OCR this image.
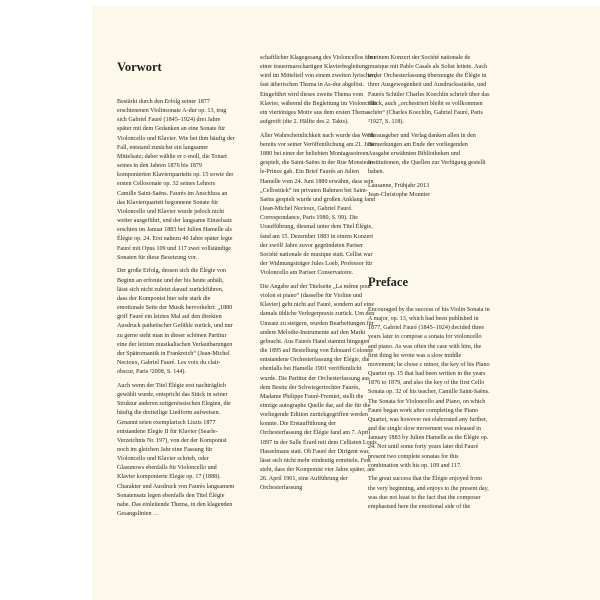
Vorwort

Bestärkt durch den Erfolg seiner 1877 erschienenen Violinsonate A-dur op. 13, trug sich Gabriel Fauré (1845–1924) drei Jahre später mit dem Gedanken an eine Sonate für Violoncello und Klavier. Wie bei ihm häufig der Fall, entstand zunächst ein langsamer Mittelsatz; dabei wählte er c-moll, die Tonart seines in den Jahren 1876 bis 1879 komponierten Klavierquartetts op. 15 sowie der ersten Cellosonate op. 32 seines Lehrers Camille Saint-Saëns. Faurés im Anschluss an das Klavierquartett begonnene Sonate für Violoncello und Klavier wurde jedoch nicht weiter ausgeführt, und der langsame Einzelsatz erschien im Januar 1883 bei Julien Hamelle als Élégie op. 24. Erst nahezu 40 Jahre später legte Fauré mit Opus 109 und 117 zwei vollständige Sonaten für diese Besetzung vor.

Der große Erfolg, dessen sich die Élégie von Beginn an erfreute und der bis heute anhält, lässt sich nicht zuletzt darauf zurückführen, dass der Komponist hier sehr stark die emotionale Seite der Musik hervorkehrt: „1880 griff Fauré ein letztes Mal auf den direkten Ausdruck pathetischer Gefühle zurück, und nur zu gerne sieht man in dieser schönen Partitur eine der letzten musikalischen Verlautbarungen der Spätromantik in Frankreich“ (Jean-Michel Nectoux, Gabriel Fauré. Les voix du clair-obscur, Paris ²2008, S. 144).

Auch wenn der Titel Élégie erst nachträglich gewählt wurde, entspricht das Stück in seiner Struktur anderen zeitgenössischen Elegien, die häufig die dreiteilige Liedform aufweisen. Genannt seien exemplarisch Liszts 1877 entstandene Elegie II für Klavier (Searle-Verzeichnis Nr. 197), von der der Komponist noch im gleichen Jahr eine Fassung für Violoncello und Klavier schrieb, oder Glasunows ebenfalls für Violoncello und Klavier komponierte Elegie op. 17 (1888). Charakter und Ausdruck von Faurés langsamem Sonatensatz legen ebenfalls den Titel Élégie nahe. Das einleitende Thema, in den klagenden Gesangslinien …

schaftlicher Klagegesang des Violoncellos über einer trauermarschartigen Klavierbegleitung, wird im Mittelteil von einem zweiten lyrischen, fast ätherischen Thema in As-dur abgelöst. Eingeführt wird dieses zweite Thema vom Klavier, während die Begleitung im Violoncello ein viertöniges Motiv aus dem ersten Thema aufgreift (die 2. Hälfte des 2. Takts).

Aller Wahrscheinlichkeit nach wurde das Werk bereits vor seiner Veröffentlichung am 21. Juni 1880 bei einer der beliebten Montagssoireen gespielt, die Saint-Saëns in der Rue Monsieur-le-Prince gab. Ein Brief Faurés an Julien Hamelle vom 24. Juni 1880 erwähnt, dass sein „Cellostück“ im privaten Rahmen bei Saint-Saëns gespielt wurde und großen Anklang fand (Jean-Michel Nectoux, Gabriel Fauré. Correspondance, Paris 1980, S. 99). Die Uraufführung, diesmal unter dem Titel Élégie, fand am 15. Dezember 1883 in einem Konzert der zwölf Jahre zuvor gegründeten Pariser Société nationale de musique statt. Cellist war der Widmungsträger Jules Loeb, Professor für Violoncello am Pariser Conservatoire.

Die Angabe auf der Titelseite „La même pour violon et piano“ (dasselbe für Violine und Klavier) geht nicht auf Fauré, sondern auf eine damals übliche Verlegerpraxis zurück. Um den Umsatz zu steigern, wurden Bearbeitungen für andere Melodie-Instrumente auf den Markt gebracht. Aus Faurés Hand stammt hingegen die 1895 auf Bestellung von Édouard Colonne entstandene Orchesterfassung der Élégie, die ebenfalls bei Hamelle 1901 veröffentlicht wurde. Die Partitur der Orchesterfassung aus dem Besitz der Schwiegertochter Faurés, Madame Philippe Fauré-Fremiet, stellt die einzige autographe Quelle dar, auf die für die vorliegende Edition zurückgegriffen werden konnte. Die Erstaufführung der Orchesterfassung der Élégie fand am 7. April 1897 in der Salle Érard mit dem Cellisten Louis Hasselmans statt. Ob Fauré der Dirigent war, lässt sich nicht mehr eindeutig ermitteln. Fest steht, dass der Komponist vier Jahre später, am 26. April 1901, eine Aufführung der Orchesterfassung

in einem Konzert der Société nationale de musique mit Pablo Casals als Solist leitete. Auch in der Orchesterfassung überzeugte die Élégie in ihrer Ausgewogenheit und Ausdrucksstärke, und Faurés Schüler Charles Koechlin schrieb über das Stück, auch „orchestriert bleibt es vollkommen schön“ (Charles Koechlin, Gabriel Fauré, Paris ²1927, S. 118).

Herausgeber und Verlag danken allen in den Bemerkungen am Ende der vorliegenden Ausgabe erwähnten Bibliotheken und Institutionen, die Quellen zur Verfügung gestellt haben.

Lausanne, Frühjahr 2013

Jean-Christophe Monnier

Preface

Encouraged by the success of his Violin Sonata in A major, op. 13, which had been published in 1877, Gabriel Fauré (1845–1924) decided three years later to compose a sonata for violoncello and piano. As was often the case with him, the first thing he wrote was a slow middle movement; he chose c minor, the key of his Piano Quartet op. 15 that had been written in the years 1876 to 1879, and also the key of the first Cello Sonata op. 32 of his teacher, Camille Saint-Saëns. The Sonata for Violoncello and Piano, on which Fauré began work after completing the Piano Quartet, was however not elaborated any further, and the single slow movement was released in January 1883 by Julien Hamelle as the Élégie op. 24. Not until some forty years later did Fauré present two complete sonatas for this combination with his op. 109 and 117.

The great success that the Élégie enjoyed from the very beginning, and enjoys to the present day, was due not least to the fact that the composer emphasised here the emotional side of the
